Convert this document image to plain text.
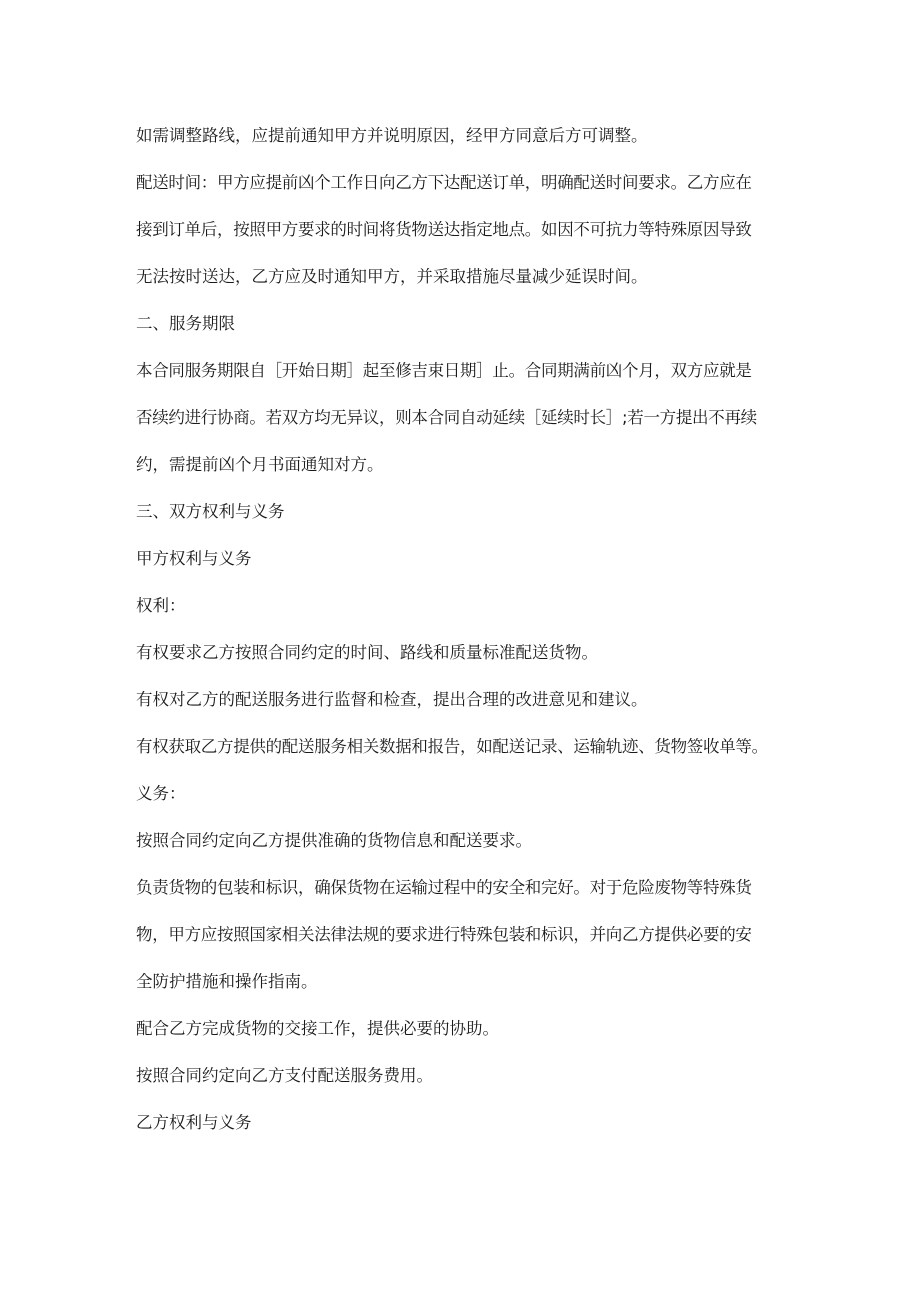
如需调整路线，应提前通知甲方并说明原因，经甲方同意后方可调整。
配送时间：甲方应提前凶个工作日向乙方下达配送订单，明确配送时间要求。乙方应在
接到订单后，按照甲方要求的时间将货物送达指定地点。如因不可抗力等特殊原因导致
无法按时送达，乙方应及时通知甲方，并采取措施尽量减少延误时间。
二、服务期限
本合同服务期限自［开始日期］起至修吉束日期］止。合同期满前凶个月，双方应就是
否续约进行协商。若双方均无异议，则本合同自动延续［延续时长］;若一方提出不再续
约，需提前凶个月书面通知对方。
三、双方权利与义务
甲方权利与义务
权利：
有权要求乙方按照合同约定的时间、路线和质量标准配送货物。
有权对乙方的配送服务进行监督和检查，提出合理的改进意见和建议。
有权获取乙方提供的配送服务相关数据和报告，如配送记录、运输轨迹、货物签收单等。
义务：
按照合同约定向乙方提供准确的货物信息和配送要求。
负责货物的包装和标识，确保货物在运输过程中的安全和完好。对于危险废物等特殊货
物，甲方应按照国家相关法律法规的要求进行特殊包装和标识，并向乙方提供必要的安
全防护措施和操作指南。
配合乙方完成货物的交接工作，提供必要的协助。
按照合同约定向乙方支付配送服务费用。
乙方权利与义务
